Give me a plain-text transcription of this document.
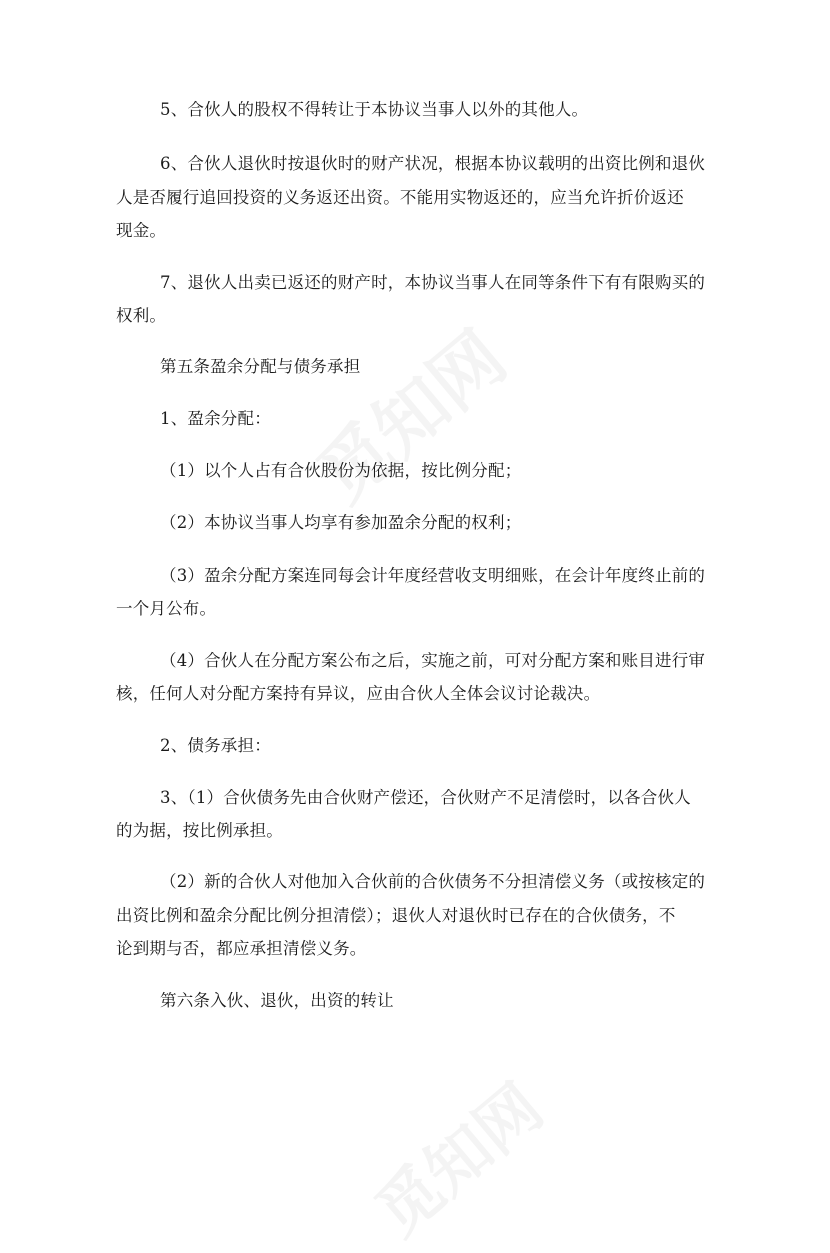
5、合伙人的股权不得转让于本协议当事人以外的其他人。
6、合伙人退伙时按退伙时的财产状况，根据本协议载明的出资比例和退伙
人是否履行追回投资的义务返还出资。不能用实物返还的，应当允许折价返还
现金。
7、退伙人出卖已返还的财产时，本协议当事人在同等条件下有有限购买的
权利。
第五条盈余分配与债务承担
1、盈余分配：
（1）以个人占有合伙股份为依据，按比例分配；
（2）本协议当事人均享有参加盈余分配的权利；
（3）盈余分配方案连同每会计年度经营收支明细账，在会计年度终止前的
一个月公布。
（4）合伙人在分配方案公布之后，实施之前，可对分配方案和账目进行审
核，任何人对分配方案持有异议，应由合伙人全体会议讨论裁决。
2、债务承担：
3、（1）合伙债务先由合伙财产偿还，合伙财产不足清偿时，以各合伙人
的为据，按比例承担。
（2）新的合伙人对他加入合伙前的合伙债务不分担清偿义务（或按核定的
出资比例和盈余分配比例分担清偿）；退伙人对退伙时已存在的合伙债务，不
论到期与否，都应承担清偿义务。
第六条入伙、退伙，出资的转让
